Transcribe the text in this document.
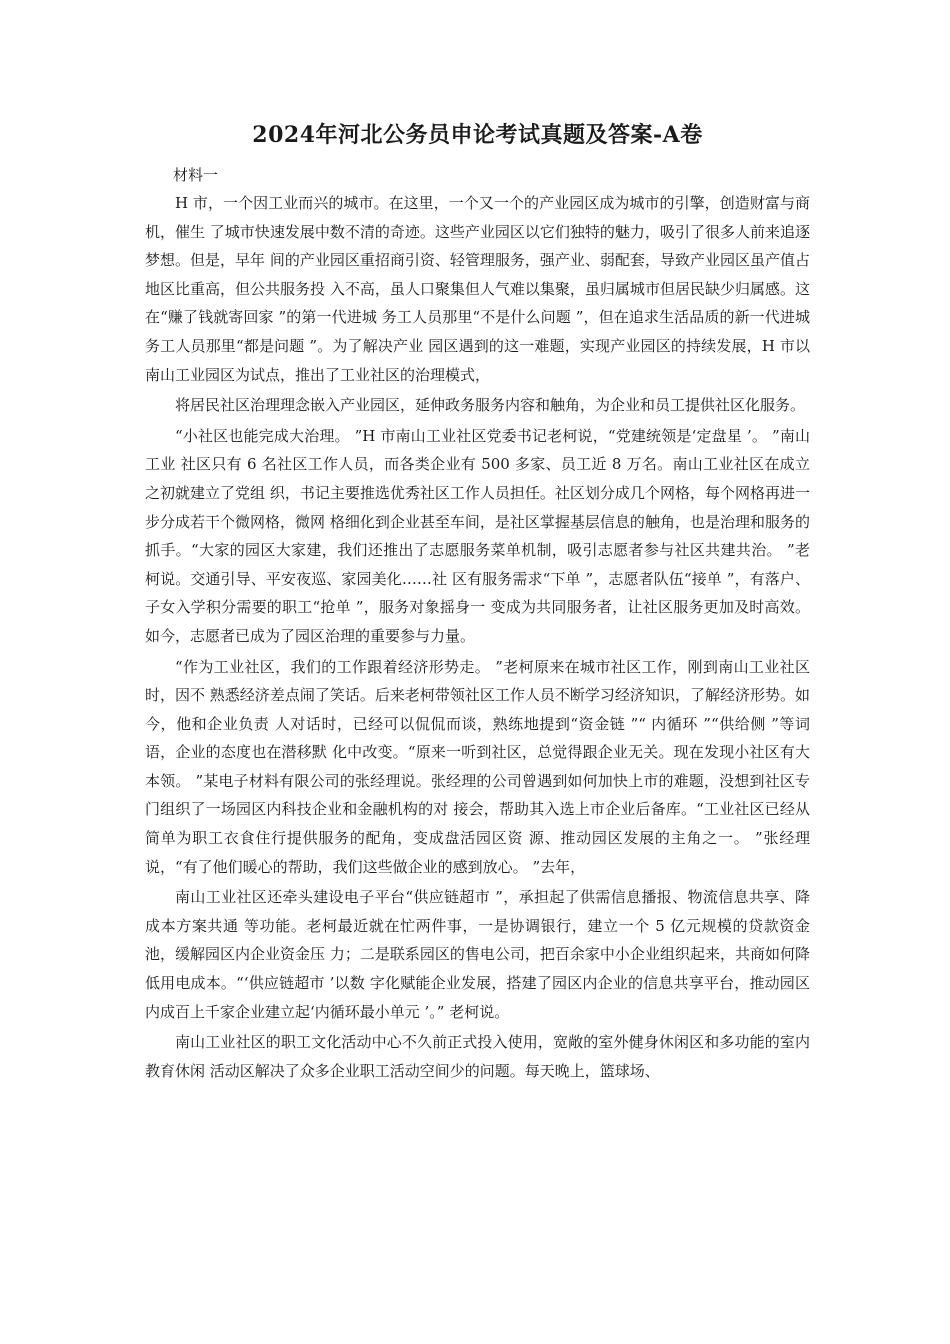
2024年河北公务员申论考试真题及答案-A卷

材料一

H 市，一个因工业而兴的城市。在这里，一个又一个的产业园区成为城市的引擎，创造财富与商机，催生 了城市快速发展中数不清的奇迹。这些产业园区以它们独特的魅力，吸引了很多人前来追逐梦想。但是，早年 间的产业园区重招商引资、轻管理服务，强产业、弱配套，导致产业园区虽产值占地区比重高，但公共服务投 入不高，虽人口聚集但人气难以集聚，虽归属城市但居民缺少归属感。这在“赚了钱就寄回家 ”的第一代进城 务工人员那里“不是什么问题 ”，但在追求生活品质的新一代进城务工人员那里“都是问题 ”。为了解决产业 园区遇到的这一难题，实现产业园区的持续发展，H 市以南山工业园区为试点，推出了工业社区的治理模式，

将居民社区治理理念嵌入产业园区，延伸政务服务内容和触角，为企业和员工提供社区化服务。

“小社区也能完成大治理。 ”H 市南山工业社区党委书记老柯说，“党建统领是‘定盘星 ’。 ”南山工业 社区只有 6 名社区工作人员，而各类企业有 500 多家、员工近 8 万名。南山工业社区在成立之初就建立了党组 织，书记主要推选优秀社区工作人员担任。社区划分成几个网格，每个网格再进一步分成若干个微网格，微网 格细化到企业甚至车间，是社区掌握基层信息的触角，也是治理和服务的抓手。“大家的园区大家建，我们还推出了志愿服务菜单机制，吸引志愿者参与社区共建共治。 ”老柯说。交通引导、平安夜巡、家园美化……社 区有服务需求“下单 ”，志愿者队伍“接单 ”，有落户、子女入学积分需要的职工“抢单 ”，服务对象摇身一 变成为共同服务者，让社区服务更加及时高效。如今，志愿者已成为了园区治理的重要参与力量。

“作为工业社区，我们的工作跟着经济形势走。 ”老柯原来在城市社区工作，刚到南山工业社区时，因不 熟悉经济差点闹了笑话。后来老柯带领社区工作人员不断学习经济知识，了解经济形势。如今，他和企业负责 人对话时，已经可以侃侃而谈，熟练地提到“资金链 ”“ 内循环 ”“供给侧 ”等词语，企业的态度也在潜移默 化中改变。“原来一听到社区，总觉得跟企业无关。现在发现小社区有大本领。 ”某电子材料有限公司的张经理说。张经理的公司曾遇到如何加快上市的难题，没想到社区专门组织了一场园区内科技企业和金融机构的对 接会，帮助其入选上市企业后备库。“工业社区已经从简单为职工衣食住行提供服务的配角，变成盘活园区资 源、推动园区发展的主角之一。 ”张经理说，“有了他们暖心的帮助，我们这些做企业的感到放心。 ”去年，

南山工业社区还牵头建设电子平台“供应链超市 ”，承担起了供需信息播报、物流信息共享、降成本方案共通 等功能。老柯最近就在忙两件事，一是协调银行，建立一个 5 亿元规模的贷款资金池，缓解园区内企业资金压 力；二是联系园区的售电公司，把百余家中小企业组织起来，共商如何降低用电成本。“‘供应链超市 ’以数 字化赋能企业发展，搭建了园区内企业的信息共享平台，推动园区内成百上千家企业建立起‘内循环最小单元 ’。” 老柯说。

南山工业社区的职工文化活动中心不久前正式投入使用，宽敞的室外健身休闲区和多功能的室内教育休闲 活动区解决了众多企业职工活动空间少的问题。每天晚上，篮球场、
